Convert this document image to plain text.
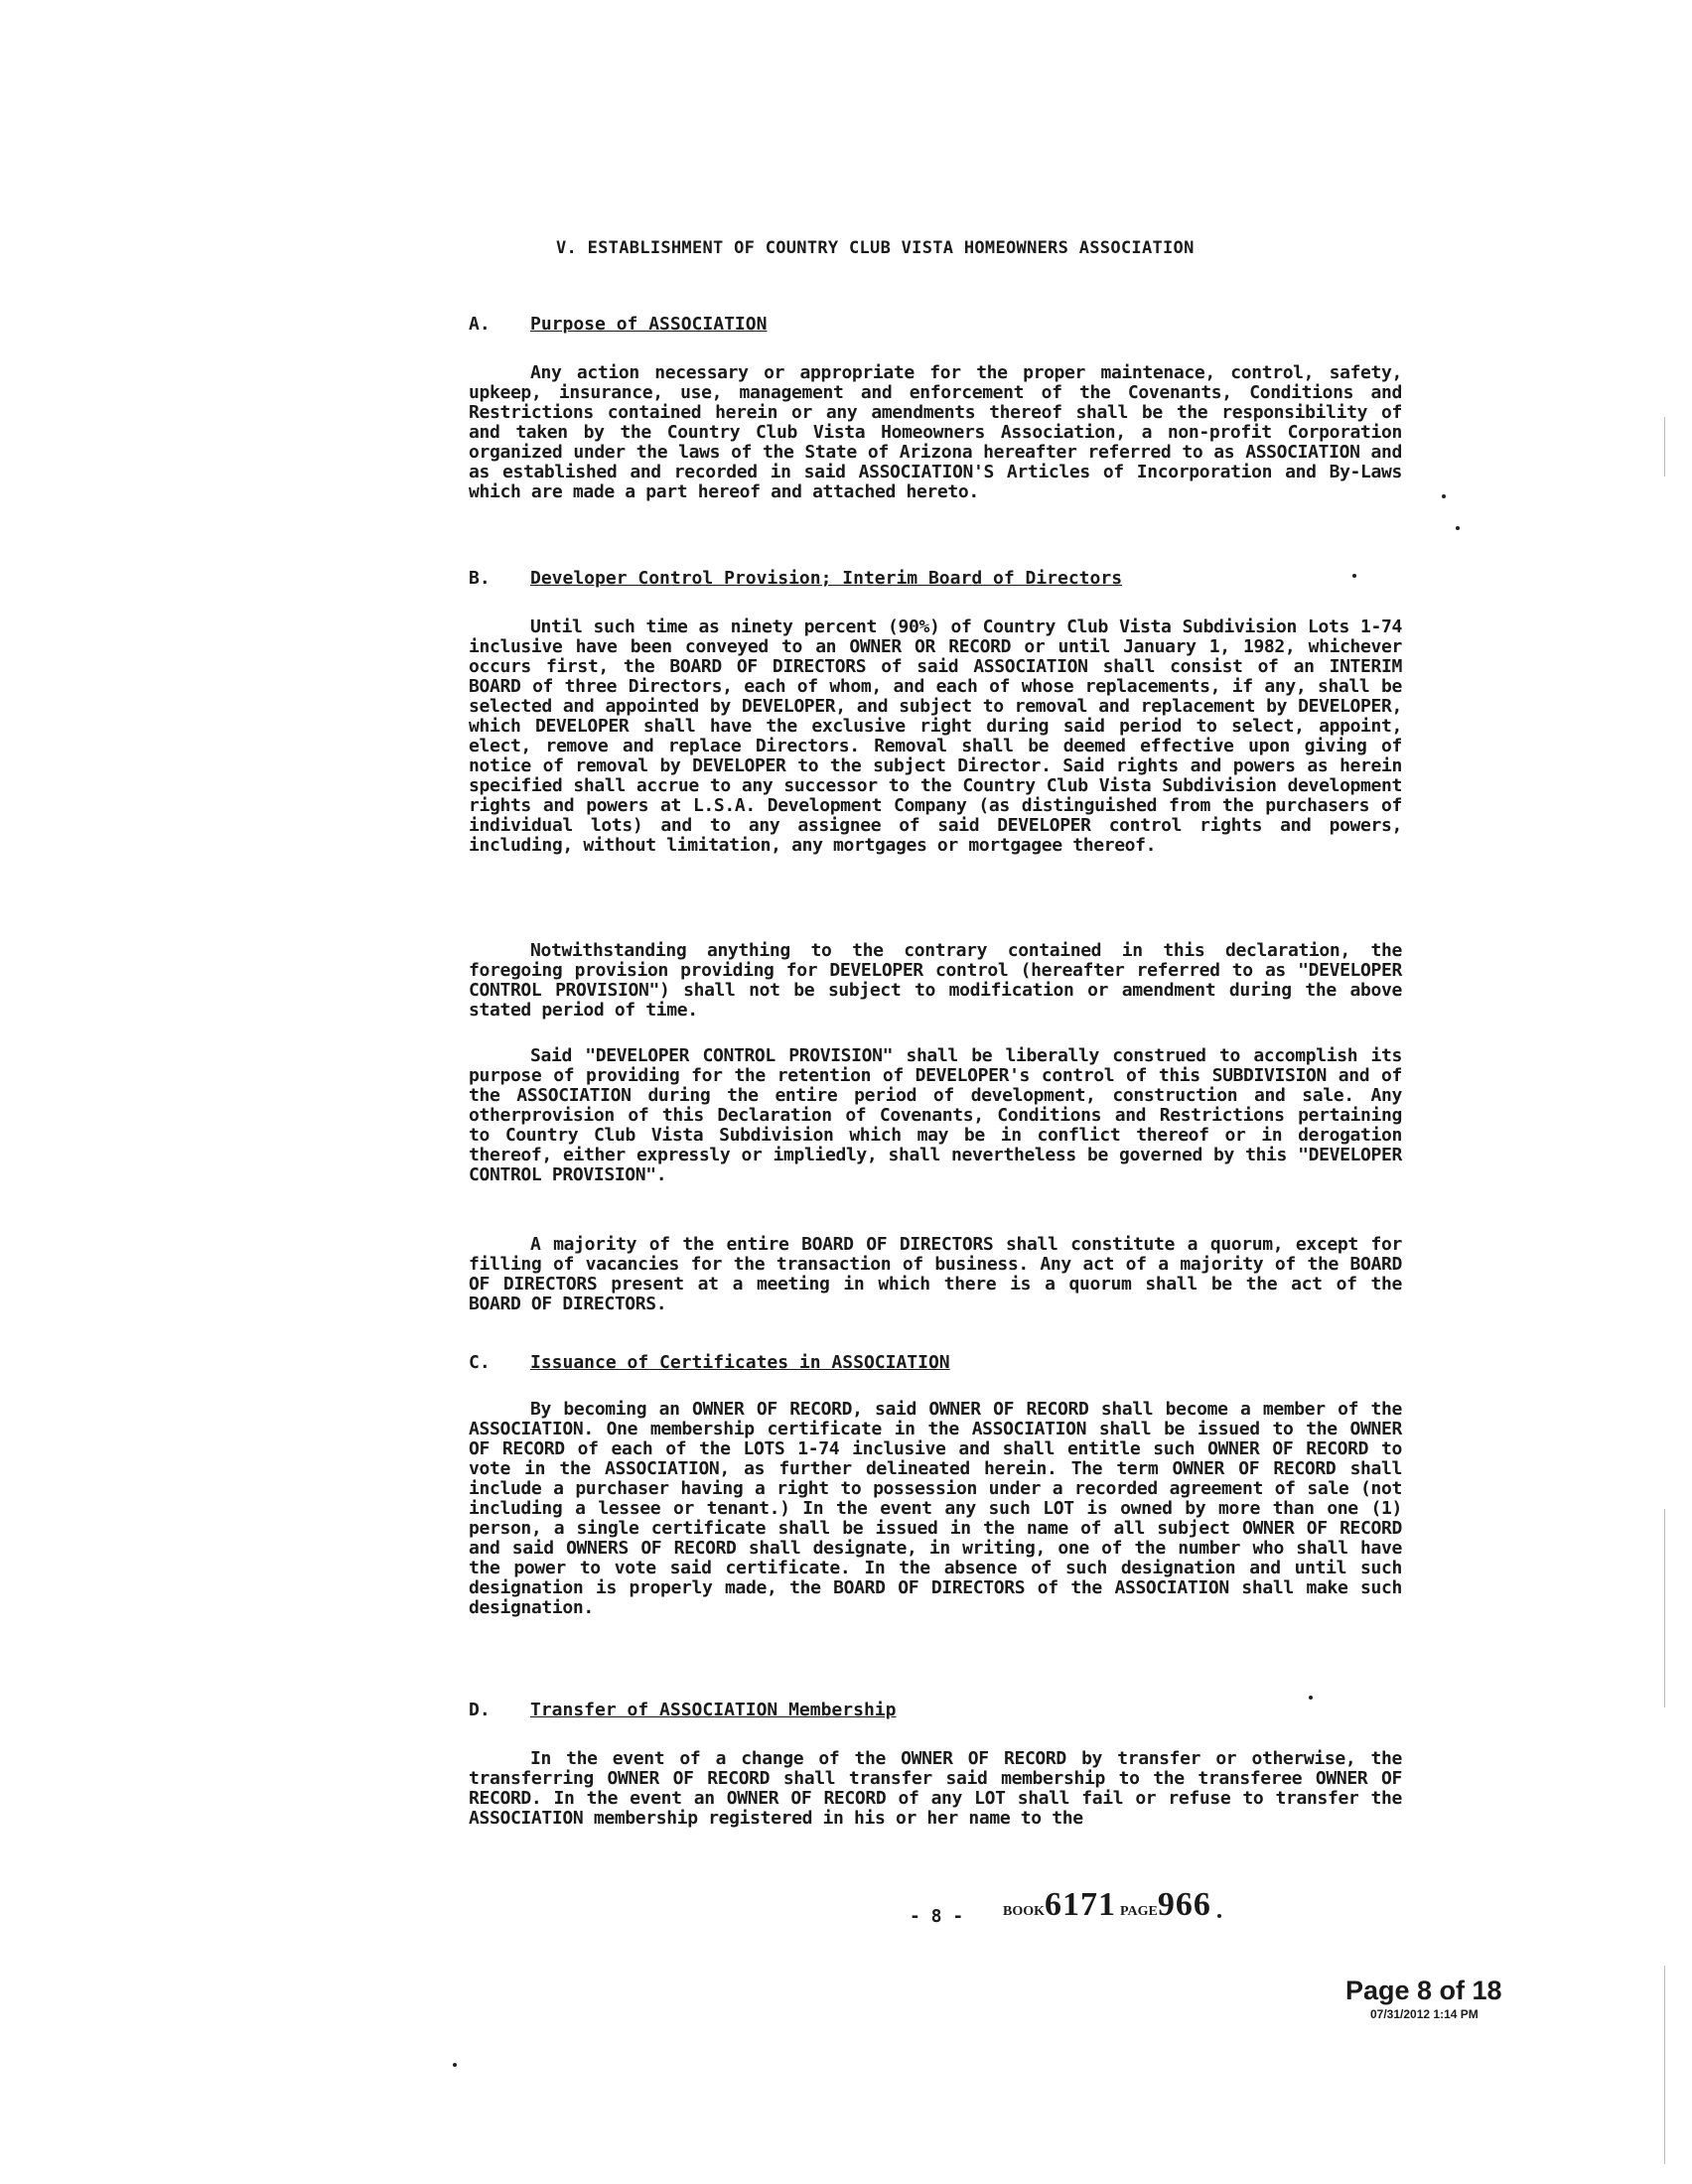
V. ESTABLISHMENT OF COUNTRY CLUB VISTA HOMEOWNERS ASSOCIATION
A. Purpose of ASSOCIATION

Any action necessary or appropriate for the proper maintenace, control, safety, upkeep, insurance, use, management and enforcement of the Covenants, Conditions and Restrictions contained herein or any amendments thereof shall be the responsibility of and taken by the Country Club Vista Homeowners Association, a non-profit Corporation organized under the laws of the State of Arizona hereafter referred to as ASSOCIATION and as established and recorded in said ASSOCIATION'S Articles of Incorporation and By-Laws which are made a part hereof and attached hereto.

B. Developer Control Provision; Interim Board of Directors

Until such time as ninety percent (90%) of Country Club Vista Subdivision Lots 1-74 inclusive have been conveyed to an OWNER OR RECORD or until January 1, 1982, whichever occurs first, the BOARD OF DIRECTORS of said ASSOCIATION shall consist of an INTERIM BOARD of three Directors, each of whom, and each of whose replacements, if any, shall be selected and appointed by DEVELOPER, and subject to removal and replacement by DEVELOPER, which DEVELOPER shall have the exclusive right during said period to select, appoint, elect, remove and replace Directors. Removal shall be deemed effective upon giving of notice of removal by DEVELOPER to the subject Director. Said rights and powers as herein specified shall accrue to any successor to the Country Club Vista Subdivision development rights and powers at L.S.A. Development Company (as distinguished from the purchasers of individual lots) and to any assignee of said DEVELOPER control rights and powers, including, without limitation, any mortgages or mortgagee thereof.

Notwithstanding anything to the contrary contained in this declaration, the foregoing provision providing for DEVELOPER control (hereafter referred to as "DEVELOPER CONTROL PROVISION") shall not be subject to modification or amendment during the above stated period of time.

Said "DEVELOPER CONTROL PROVISION" shall be liberally construed to accomplish its purpose of providing for the retention of DEVELOPER's control of this SUBDIVISION and of the ASSOCIATION during the entire period of development, construction and sale. Any otherprovision of this Declaration of Covenants, Conditions and Restrictions pertaining to Country Club Vista Subdivision which may be in conflict thereof or in derogation thereof, either expressly or impliedly, shall nevertheless be governed by this "DEVELOPER CONTROL PROVISION".

A majority of the entire BOARD OF DIRECTORS shall constitute a quorum, except for filling of vacancies for the transaction of business. Any act of a majority of the BOARD OF DIRECTORS present at a meeting in which there is a quorum shall be the act of the BOARD OF DIRECTORS.

C. Issuance of Certificates in ASSOCIATION

By becoming an OWNER OF RECORD, said OWNER OF RECORD shall become a member of the ASSOCIATION. One membership certificate in the ASSOCIATION shall be issued to the OWNER OF RECORD of each of the LOTS 1-74 inclusive and shall entitle such OWNER OF RECORD to vote in the ASSOCIATION, as further delineated herein. The term OWNER OF RECORD shall include a purchaser having a right to possession under a recorded agreement of sale (not including a lessee or tenant.) In the event any such LOT is owned by more than one (1) person, a single certificate shall be issued in the name of all subject OWNER OF RECORD and said OWNERS OF RECORD shall designate, in writing, one of the number who shall have the power to vote said certificate. In the absence of such designation and until such designation is properly made, the BOARD OF DIRECTORS of the ASSOCIATION shall make such designation.

D. Transfer of ASSOCIATION Membership

In the event of a change of the OWNER OF RECORD by transfer or otherwise, the transferring OWNER OF RECORD shall transfer said membership to the transferee OWNER OF RECORD. In the event an OWNER OF RECORD of any LOT shall fail or refuse to transfer the ASSOCIATION membership registered in his or her name to the

- 8 -	BOOK6171 PAGE966
Page 8 of 18
07/31/2012 1:14 PM
